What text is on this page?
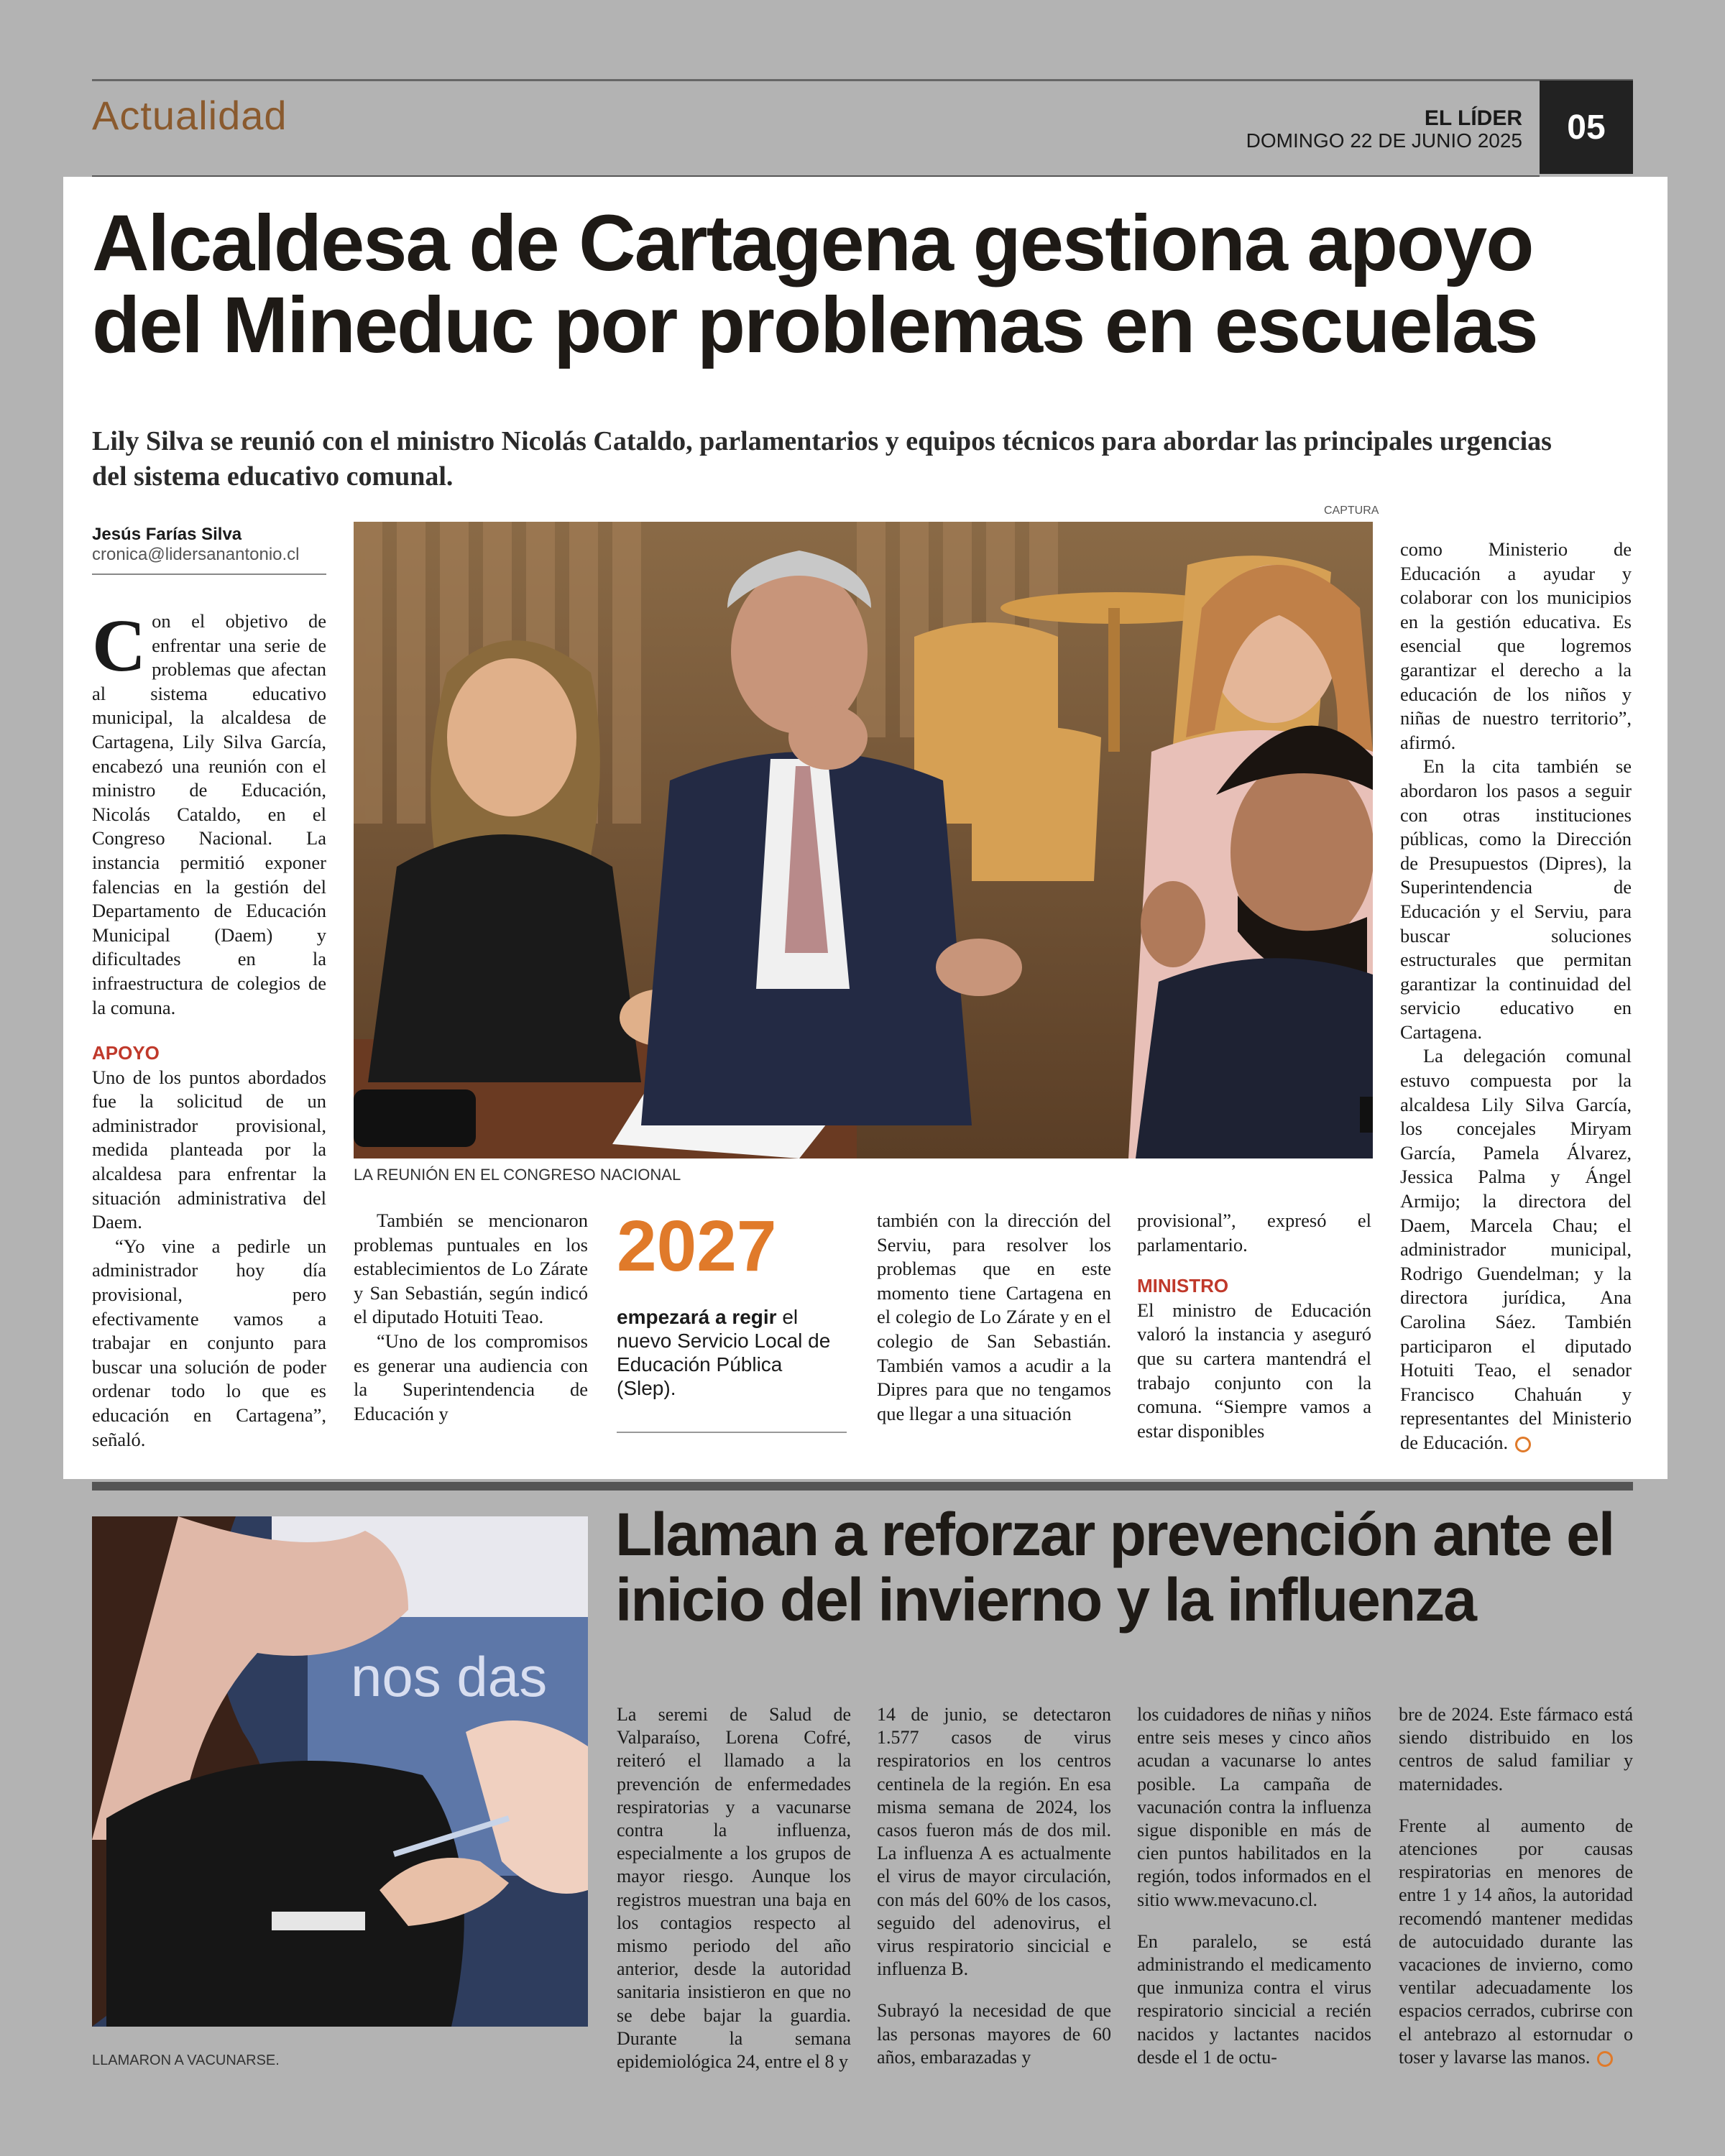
Actualidad	EL LÍDER
DOMINGO 22 DE JUNIO 2025	05
Alcaldesa de Cartagena gestiona apoyo del Mineduc por problemas en escuelas
Lily Silva se reunió con el ministro Nicolás Cataldo, parlamentarios y equipos técnicos para abordar las principales urgencias del sistema educativo comunal.
Jesús Farías Silva
cronica@lidersanantonio.cl

Con el objetivo de enfrentar una serie de problemas que afectan al sistema educativo municipal, la alcaldesa de Cartagena, Lily Silva García, encabezó una reunión con el ministro de Educación, Nicolás Cataldo, en el Congreso Nacional. La instancia permitió exponer falencias en la gestión del Departamento de Educación Municipal (Daem) y dificultades en la infraestructura de colegios de la comuna.

APOYO

Uno de los puntos abordados fue la solicitud de un administrador provisional, medida planteada por la alcaldesa para enfrentar la situación administrativa del Daem.

“Yo vine a pedirle un administrador hoy día provisional, pero efectivamente vamos a trabajar en conjunto para buscar una solución de poder ordenar todo lo que es educación en Cartagena”, señaló.

CAPTURA
LA REUNIÓN EN EL CONGRESO NACIONAL

como Ministerio de Educación a ayudar y colaborar con los municipios en la gestión educativa. Es esencial que logremos garantizar el derecho a la educación de los niños y niñas de nuestro territorio”, afirmó.

En la cita también se abordaron los pasos a seguir con otras instituciones públicas, como la Dirección de Presupuestos (Dipres), la Superintendencia de Educación y el Serviu, para buscar soluciones estructurales que permitan garantizar la continuidad del servicio educativo en Cartagena.

La delegación comunal estuvo compuesta por la alcaldesa Lily Silva García, los concejales Miryam García, Pamela Álvarez, Jessica Palma y Ángel Armijo; la directora del Daem, Marcela Chau; el administrador municipal, Rodrigo Guendelman; y la directora jurídica, Ana Carolina Sáez. También participaron el diputado Hotuiti Teao, el senador Francisco Chahuán y representantes del Ministerio de Educación.

También se mencionaron problemas puntuales en los establecimientos de Lo Zárate y San Sebastián, según indicó el diputado Hotuiti Teao.

“Uno de los compromisos es generar una audiencia con la Superintendencia de Educación y

2027
empezará a regir el nuevo Servicio Local de Educación Pública (Slep).

también con la dirección del Serviu, para resolver los problemas que en este momento tiene Cartagena en el colegio de Lo Zárate y en el colegio de San Sebastián. También vamos a acudir a la Dipres para que no tengamos que llegar a una situación

provisional”, expresó el parlamentario.

MINISTRO

El ministro de Educación valoró la instancia y aseguró que su cartera mantendrá el trabajo conjunto con la comuna. “Siempre vamos a estar disponibles

nos das
LLAMARON A VACUNARSE.
Llaman a reforzar prevención ante el inicio del invierno y la influenza

La seremi de Salud de Valparaíso, Lorena Cofré, reiteró el llamado a la prevención de enfermedades respiratorias y a vacunarse contra la influenza, especialmente a los grupos de mayor riesgo. Aunque los registros muestran una baja en los contagios respecto al mismo periodo del año anterior, desde la autoridad sanitaria insistieron en que no se debe bajar la guardia. Durante la semana epidemiológica 24, entre el 8 y

14 de junio, se detectaron 1.577 casos de virus respiratorios en los centros centinela de la región. En esa misma semana de 2024, los casos fueron más de dos mil. La influenza A es actualmente el virus de mayor circulación, con más del 60% de los casos, seguido del adenovirus, el virus respiratorio sincicial e influenza B.

Subrayó la necesidad de que las personas mayores de 60 años, embarazadas y

los cuidadores de niñas y niños entre seis meses y cinco años acudan a vacunarse lo antes posible. La campaña de vacunación contra la influenza sigue disponible en más de cien puntos habilitados en la región, todos informados en el sitio www.mevacuno.cl.

En paralelo, se está administrando el medicamento que inmuniza contra el virus respiratorio sincicial a recién nacidos y lactantes nacidos desde el 1 de octu-

bre de 2024. Este fármaco está siendo distribuido en los centros de salud familiar y maternidades.

Frente al aumento de atenciones por causas respiratorias en menores de entre 1 y 14 años, la autoridad recomendó mantener medidas de autocuidado durante las vacaciones de invierno, como ventilar adecuadamente los espacios cerrados, cubrirse con el antebrazo al estornudar o toser y lavarse las manos.
